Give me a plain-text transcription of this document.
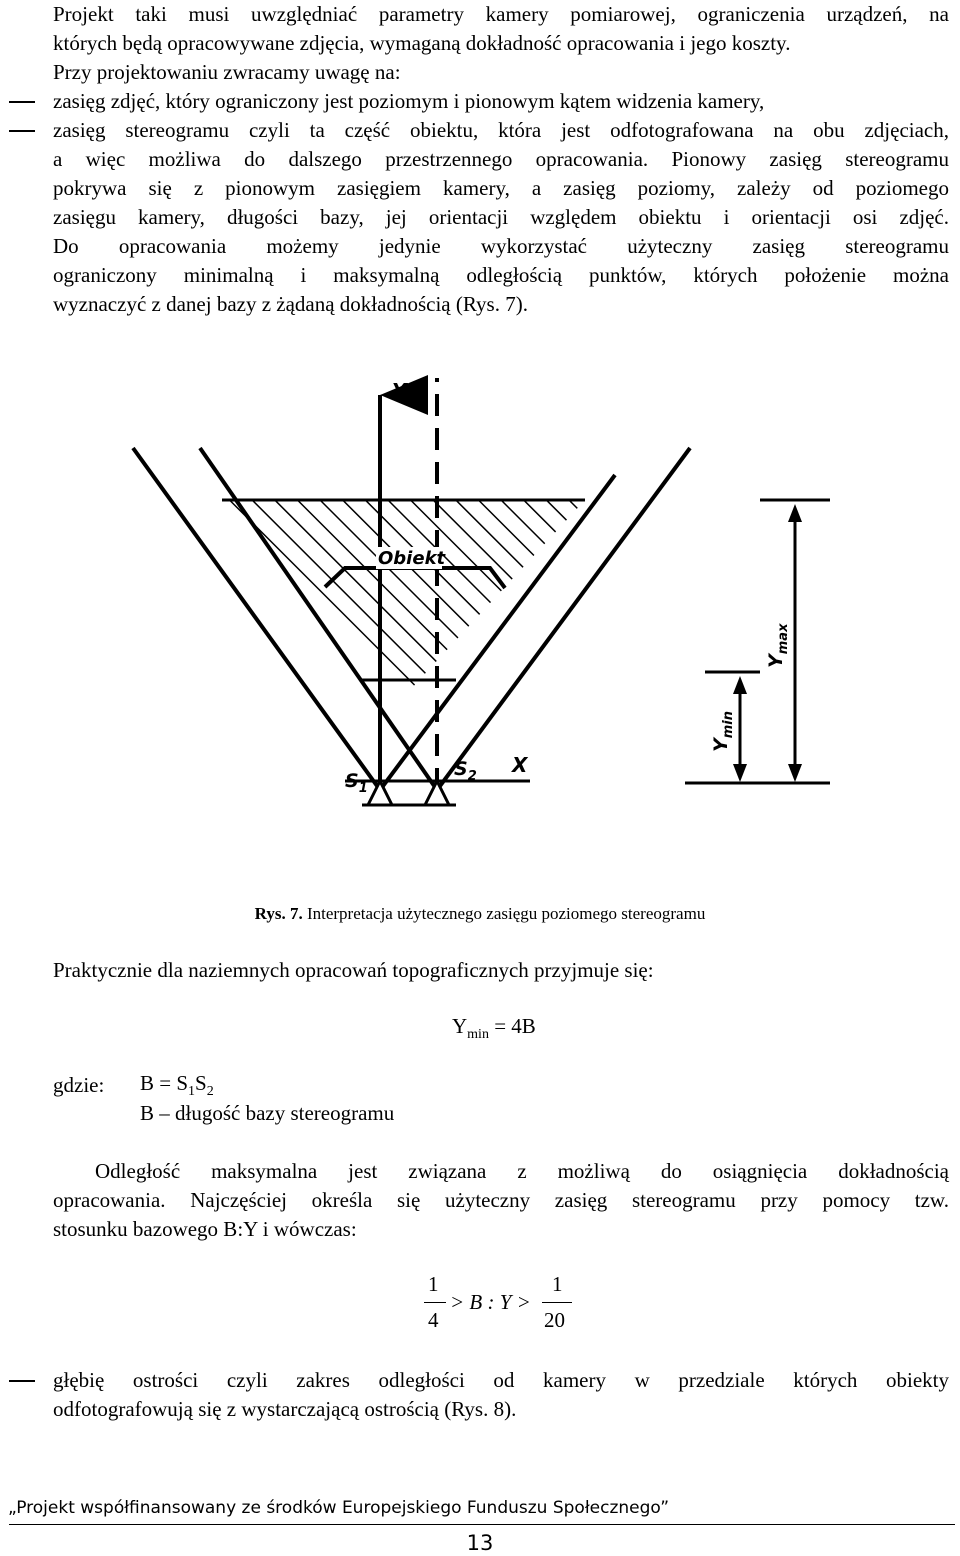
Projekt taki musi uwzględniać parametry kamery pomiarowej, ograniczenia urządzeń, na
których będą opracowywane zdjęcia, wymaganą dokładność opracowania i jego koszty.
Przy projektowaniu zwracamy uwagę na:
zasięg zdjęć, który ograniczony jest poziomym i pionowym kątem widzenia kamery,
zasięg stereogramu czyli ta część obiektu, która jest odfotografowana na obu zdjęciach,
a więc możliwa do dalszego przestrzennego opracowania. Pionowy zasięg stereogramu
pokrywa się z pionowym zasięgiem kamery, a zasięg poziomy, zależy od poziomego
zasięgu kamery, długości bazy, jej orientacji względem obiektu i orientacji osi zdjęć.
Do opracowania możemy jedynie wykorzystać użyteczny zasięg stereogramu
ograniczony minimalną i maksymalną odległością punktów, których położenie można
wyznaczyć z danej bazy z żądaną dokładnością (Rys. 7).
Y
Obiekt
X
$S_1$
$S_2$
$Y_{min}$
$Y_{max}$
Rys. 7. Interpretacja użytecznego zasięgu poziomego stereogramu
Praktycznie dla naziemnych opracowań topograficznych przyjmuje się:
$Y_{min} = 4B$
gdzie: $B = S_1S_2$
B – długość bazy stereogramu
Odległość maksymalna jest związana z możliwą do osiągnięcia dokładnością
opracowania. Najczęściej określa się użyteczny zasięg stereogramu przy pomocy tzw.
stosunku bazowego B:Y i wówczas:
1
4
> B : Y >
1
20
głębię ostrości czyli zakres odległości od kamery w przedziale których obiekty
odfotografowują się z wystarczającą ostrością (Rys. 8).
„Projekt współfinansowany ze środków Europejskiego Funduszu Społecznego”
13
